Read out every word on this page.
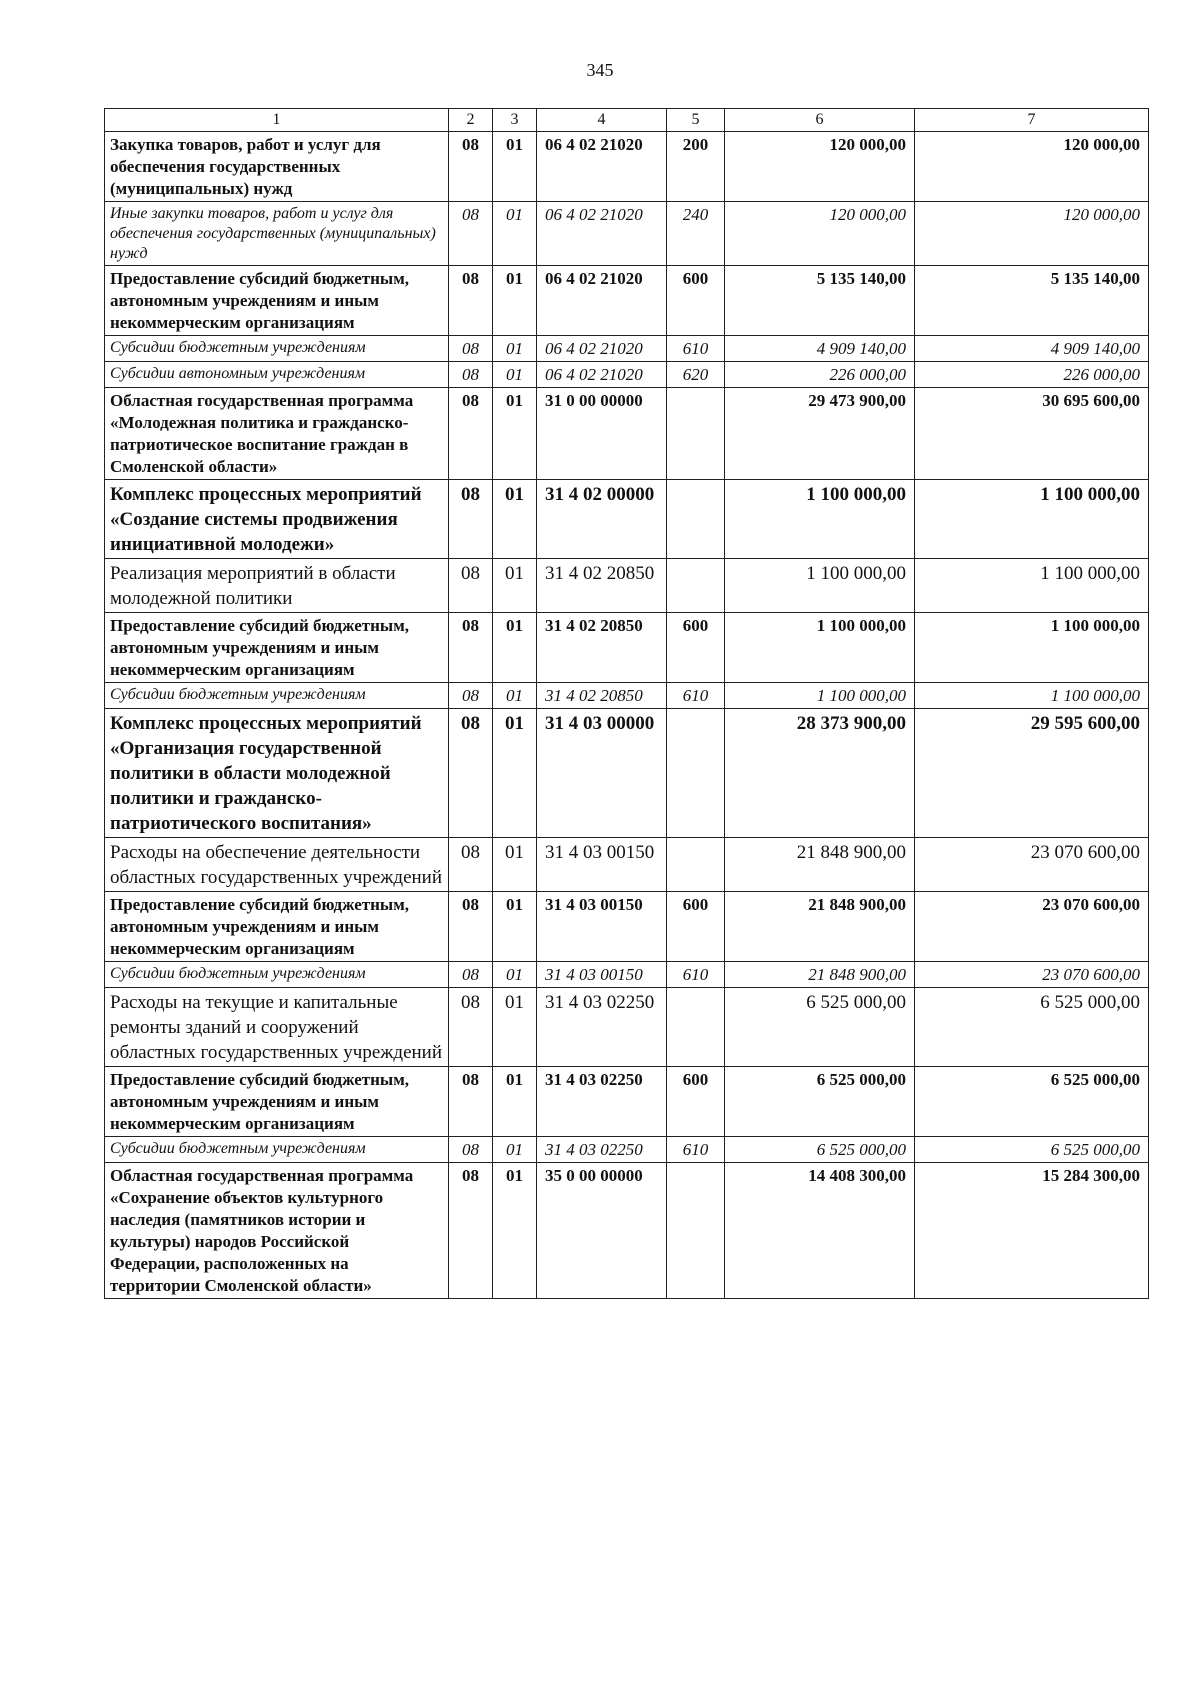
345
1	2	3	4	5	6	7
Закупка товаров, работ и услуг для обеспечения государственных (муниципальных) нужд	08	01	06 4 02 21020	200	120 000,00	120 000,00
Иные закупки товаров, работ и услуг для обеспечения государственных (муниципальных) нужд	08	01	06 4 02 21020	240	120 000,00	120 000,00
Предоставление субсидий бюджетным, автономным учреждениям и иным некоммерческим организациям	08	01	06 4 02 21020	600	5 135 140,00	5 135 140,00
Субсидии бюджетным учреждениям	08	01	06 4 02 21020	610	4 909 140,00	4 909 140,00
Субсидии автономным учреждениям	08	01	06 4 02 21020	620	226 000,00	226 000,00
Областная государственная программа «Молодежная политика и гражданско-патриотическое воспитание граждан в Смоленской области»	08	01	31 0 00 00000		29 473 900,00	30 695 600,00
Комплекс процессных мероприятий «Создание системы продвижения инициативной молодежи»	08	01	31 4 02 00000		1 100 000,00	1 100 000,00
Реализация мероприятий в области молодежной политики	08	01	31 4 02 20850		1 100 000,00	1 100 000,00
Предоставление субсидий бюджетным, автономным учреждениям и иным некоммерческим организациям	08	01	31 4 02 20850	600	1 100 000,00	1 100 000,00
Субсидии бюджетным учреждениям	08	01	31 4 02 20850	610	1 100 000,00	1 100 000,00
Комплекс процессных мероприятий «Организация государственной политики в области молодежной политики и гражданско-патриотического воспитания»	08	01	31 4 03 00000		28 373 900,00	29 595 600,00
Расходы на обеспечение деятельности областных государственных учреждений	08	01	31 4 03 00150		21 848 900,00	23 070 600,00
Предоставление субсидий бюджетным, автономным учреждениям и иным некоммерческим организациям	08	01	31 4 03 00150	600	21 848 900,00	23 070 600,00
Субсидии бюджетным учреждениям	08	01	31 4 03 00150	610	21 848 900,00	23 070 600,00
Расходы на текущие и капитальные ремонты зданий и сооружений областных государственных учреждений	08	01	31 4 03 02250		6 525 000,00	6 525 000,00
Предоставление субсидий бюджетным, автономным учреждениям и иным некоммерческим организациям	08	01	31 4 03 02250	600	6 525 000,00	6 525 000,00
Субсидии бюджетным учреждениям	08	01	31 4 03 02250	610	6 525 000,00	6 525 000,00
Областная государственная программа «Сохранение объектов культурного наследия (памятников истории и культуры) народов Российской Федерации, расположенных на территории Смоленской области»	08	01	35 0 00 00000		14 408 300,00	15 284 300,00
